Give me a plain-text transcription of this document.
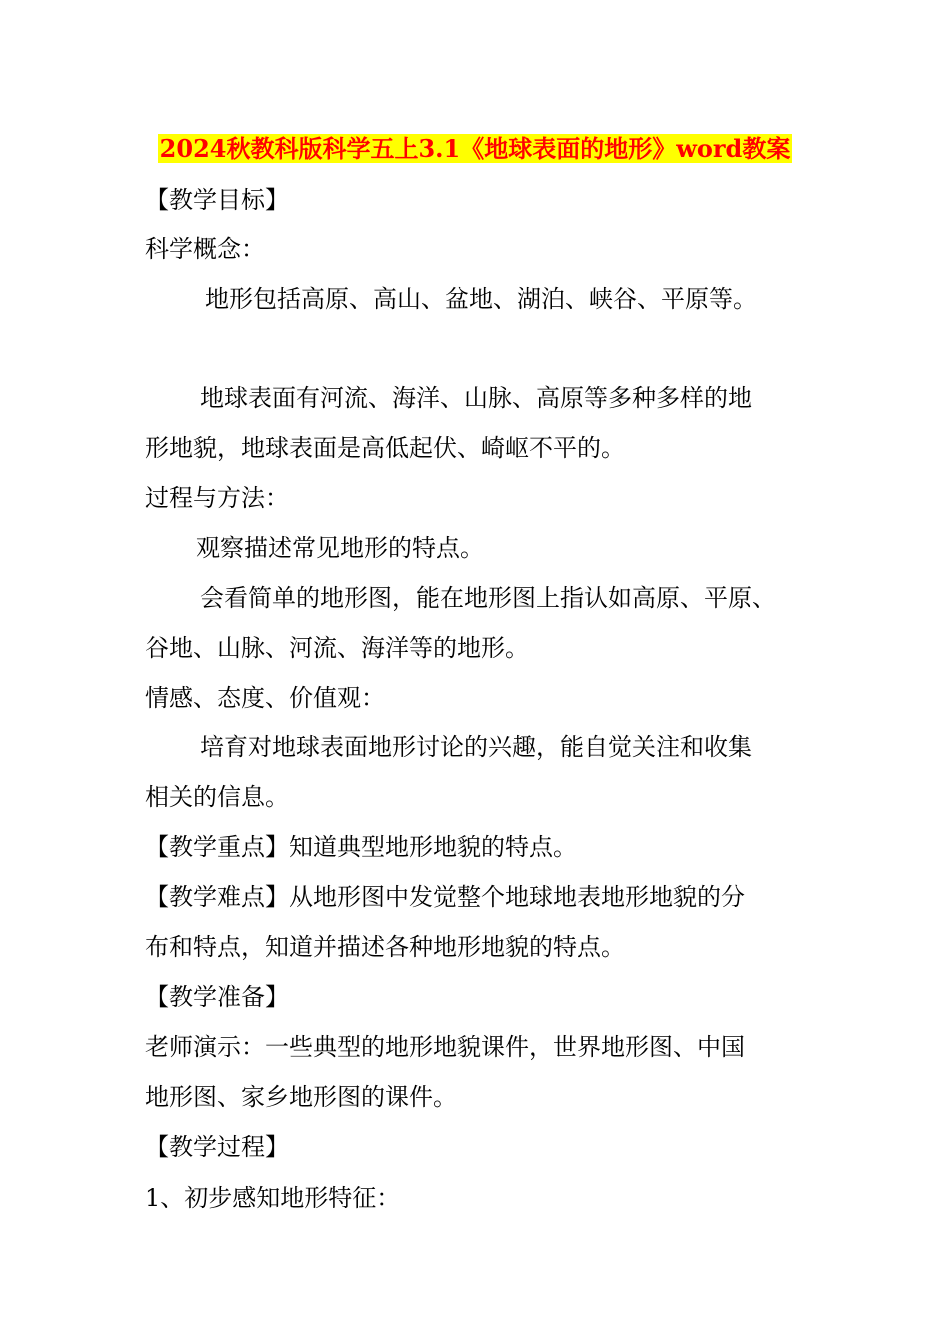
2024秋教科版科学五上3.1《地球表面的地形》word教案
【教学目标】
科学概念：
地形包括高原、高山、盆地、湖泊、峡谷、平原等。
地球表面有河流、海洋、山脉、高原等多种多样的地
形地貌，地球表面是高低起伏、崎岖不平的。
过程与方法：
观察描述常见地形的特点。
会看简单的地形图，能在地形图上指认如高原、平原、
谷地、山脉、河流、海洋等的地形。
情感、态度、价值观：
培育对地球表面地形讨论的兴趣，能自觉关注和收集
相关的信息。
【教学重点】知道典型地形地貌的特点。
【教学难点】从地形图中发觉整个地球地表地形地貌的分
布和特点，知道并描述各种地形地貌的特点。
【教学准备】
老师演示：一些典型的地形地貌课件，世界地形图、中国
地形图、家乡地形图的课件。
【教学过程】
1、初步感知地形特征：
